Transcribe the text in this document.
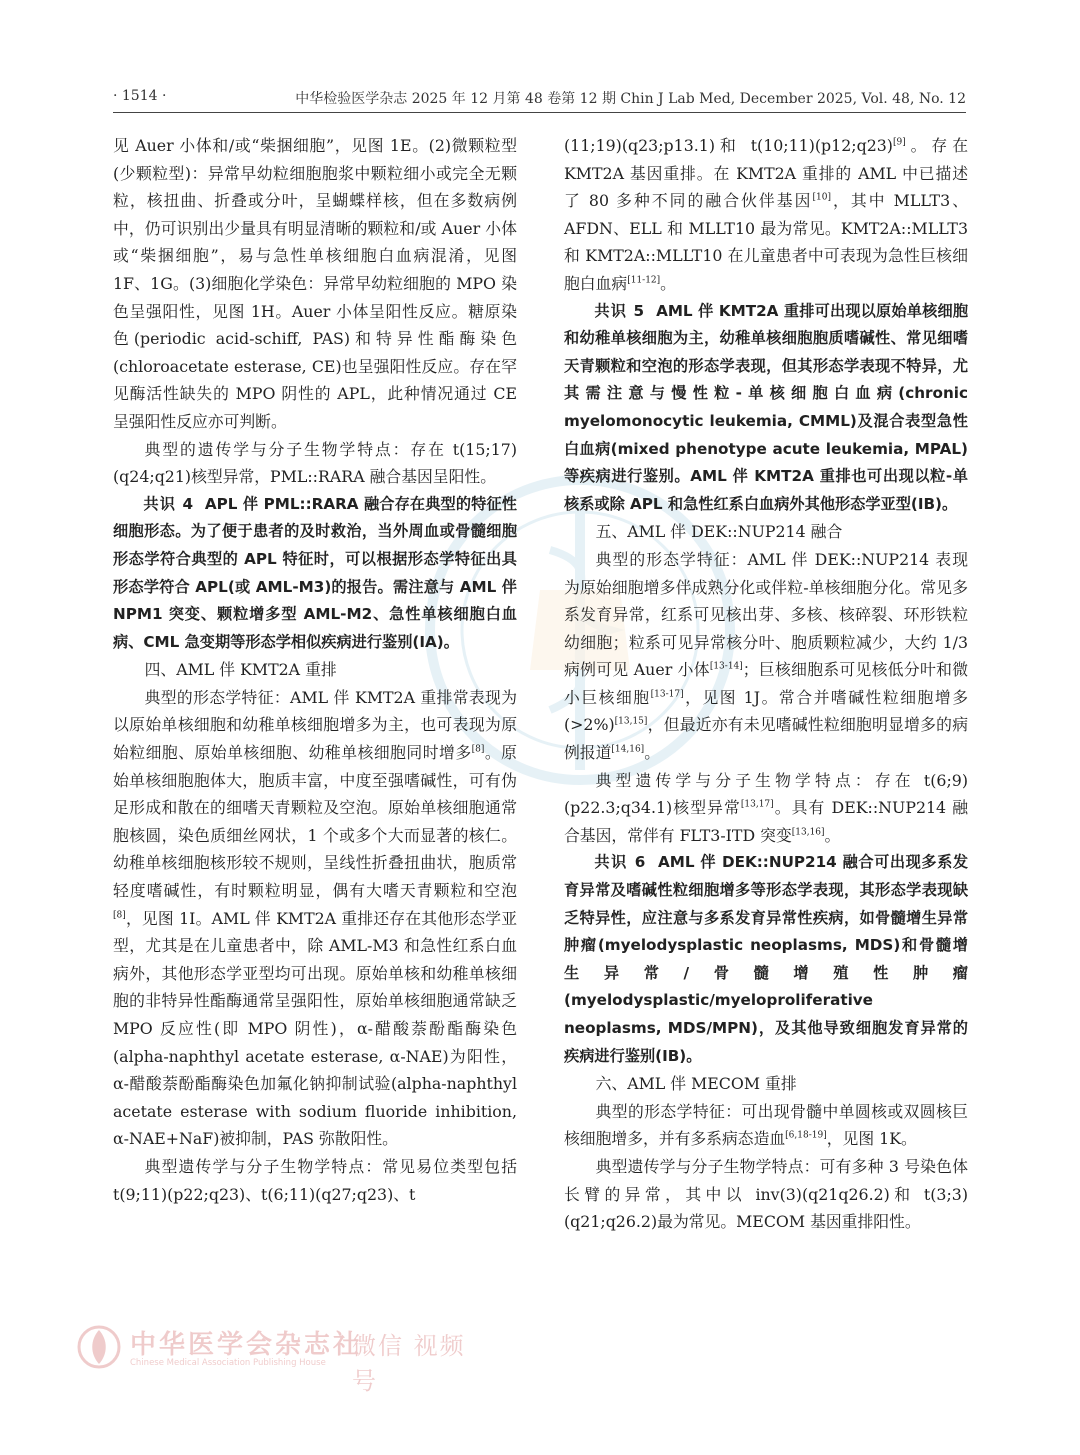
· 1514 ·	中华检验医学杂志 2025 年 12 月第 48 卷第 12 期 Chin J Lab Med, December 2025, Vol. 48, No. 12

见 Auer 小体和/或“柴捆细胞”，见图 1E。(2)微颗粒型(少颗粒型)：异常早幼粒细胞胞浆中颗粒细小或完全无颗粒，核扭曲、折叠或分叶，呈蝴蝶样核，但在多数病例中，仍可识别出少量具有明显清晰的颗粒和/或 Auer 小体或“柴捆细胞”，易与急性单核细胞白血病混淆，见图 1F、1G。(3)细胞化学染色：异常早幼粒细胞的 MPO 染色呈强阳性，见图 1H。Auer 小体呈阳性反应。糖原染色(periodic acid-schiff, PAS)和特异性酯酶染色(chloroacetate esterase, CE)也呈强阳性反应。存在罕见酶活性缺失的 MPO 阴性的 APL，此种情况通过 CE 呈强阳性反应亦可判断。

典型的遗传学与分子生物学特点：存在 t(15;17)(q24;q21)核型异常，PML::RARA 融合基因呈阳性。

共识 4 APL 伴 PML::RARA 融合存在典型的特征性细胞形态。为了便于患者的及时救治，当外周血或骨髓细胞形态学符合典型的 APL 特征时，可以根据形态学特征出具形态学符合 APL(或 AML-M3)的报告。需注意与 AML 伴 NPM1 突变、颗粒增多型 AML-M2、急性单核细胞白血病、CML 急变期等形态学相似疾病进行鉴别(ⅠA)。

四、AML 伴 KMT2A 重排

典型的形态学特征：AML 伴 KMT2A 重排常表现为以原始单核细胞和幼稚单核细胞增多为主，也可表现为原始粒细胞、原始单核细胞、幼稚单核细胞同时增多[8]。原始单核细胞胞体大，胞质丰富，中度至强嗜碱性，可有伪足形成和散在的细嗜天青颗粒及空泡。原始单核细胞通常胞核圆，染色质细丝网状，1 个或多个大而显著的核仁。幼稚单核细胞核形较不规则，呈线性折叠扭曲状，胞质常轻度嗜碱性，有时颗粒明显，偶有大嗜天青颗粒和空泡[8]，见图 1I。AML 伴 KMT2A 重排还存在其他形态学亚型，尤其是在儿童患者中，除 AML-M3 和急性红系白血病外，其他形态学亚型均可出现。原始单核和幼稚单核细胞的非特异性酯酶通常呈强阳性，原始单核细胞通常缺乏 MPO 反应性(即 MPO 阴性)，α-醋酸萘酚酯酶染色(alpha-naphthyl acetate esterase, α-NAE)为阳性，α-醋酸萘酚酯酶染色加氟化钠抑制试验(alpha-naphthyl acetate esterase with sodium fluoride inhibition, α-NAE+NaF)被抑制，PAS 弥散阳性。

典型遗传学与分子生物学特点：常见易位类型包括 t(9;11)(p22;q23)、t(6;11)(q27;q23)、t

(11;19)(q23;p13.1)和 t(10;11)(p12;q23)[9]。存在 KMT2A 基因重排。在 KMT2A 重排的 AML 中已描述了 80 多种不同的融合伙伴基因[10]，其中 MLLT3、AFDN、ELL 和 MLLT10 最为常见。KMT2A::MLLT3 和 KMT2A::MLLT10 在儿童患者中可表现为急性巨核细胞白血病[11-12]。

共识 5 AML 伴 KMT2A 重排可出现以原始单核细胞和幼稚单核细胞为主，幼稚单核细胞胞质嗜碱性、常见细嗜天青颗粒和空泡的形态学表现，但其形态学表现不特异，尤其需注意与慢性粒-单核细胞白血病(chronic myelomonocytic leukemia, CMML)及混合表型急性白血病(mixed phenotype acute leukemia, MPAL)等疾病进行鉴别。AML 伴 KMT2A 重排也可出现以粒-单核系或除 APL 和急性红系白血病外其他形态学亚型(ⅠB)。

五、AML 伴 DEK::NUP214 融合

典型的形态学特征：AML 伴 DEK::NUP214 表现为原始细胞增多伴成熟分化或伴粒-单核细胞分化。常见多系发育异常，红系可见核出芽、多核、核碎裂、环形铁粒幼细胞；粒系可见异常核分叶、胞质颗粒减少，大约 1/3 病例可见 Auer 小体[13-14]；巨核细胞系可见核低分叶和微小巨核细胞[13-17]，见图 1J。常合并嗜碱性粒细胞增多(>2%)[13,15]，但最近亦有未见嗜碱性粒细胞明显增多的病例报道[14,16]。

典型遗传学与分子生物学特点：存在 t(6;9)(p22.3;q34.1)核型异常[13,17]。具有 DEK::NUP214 融合基因，常伴有 FLT3-ITD 突变[13,16]。

共识 6 AML 伴 DEK::NUP214 融合可出现多系发育异常及嗜碱性粒细胞增多等形态学表现，其形态学表现缺乏特异性，应注意与多系发育异常性疾病，如骨髓增生异常肿瘤(myelodysplastic neoplasms, MDS)和骨髓增生异常/骨髓增殖性肿瘤(myelodysplastic/myeloproliferative neoplasms, MDS/MPN)，及其他导致细胞发育异常的疾病进行鉴别(ⅠB)。

六、AML 伴 MECOM 重排

典型的形态学特征：可出现骨髓中单圆核或双圆核巨核细胞增多，并有多系病态造血[6,18-19]，见图 1K。

典型遗传学与分子生物学特点：可有多种 3 号染色体长臂的异常，其中以 inv(3)(q21q26.2)和 t(3;3)(q21;q26.2)最为常见。MECOM 基因重排阳性。

中华医学会杂志社
Chinese Medical Association Publishing House
微信 视频号
